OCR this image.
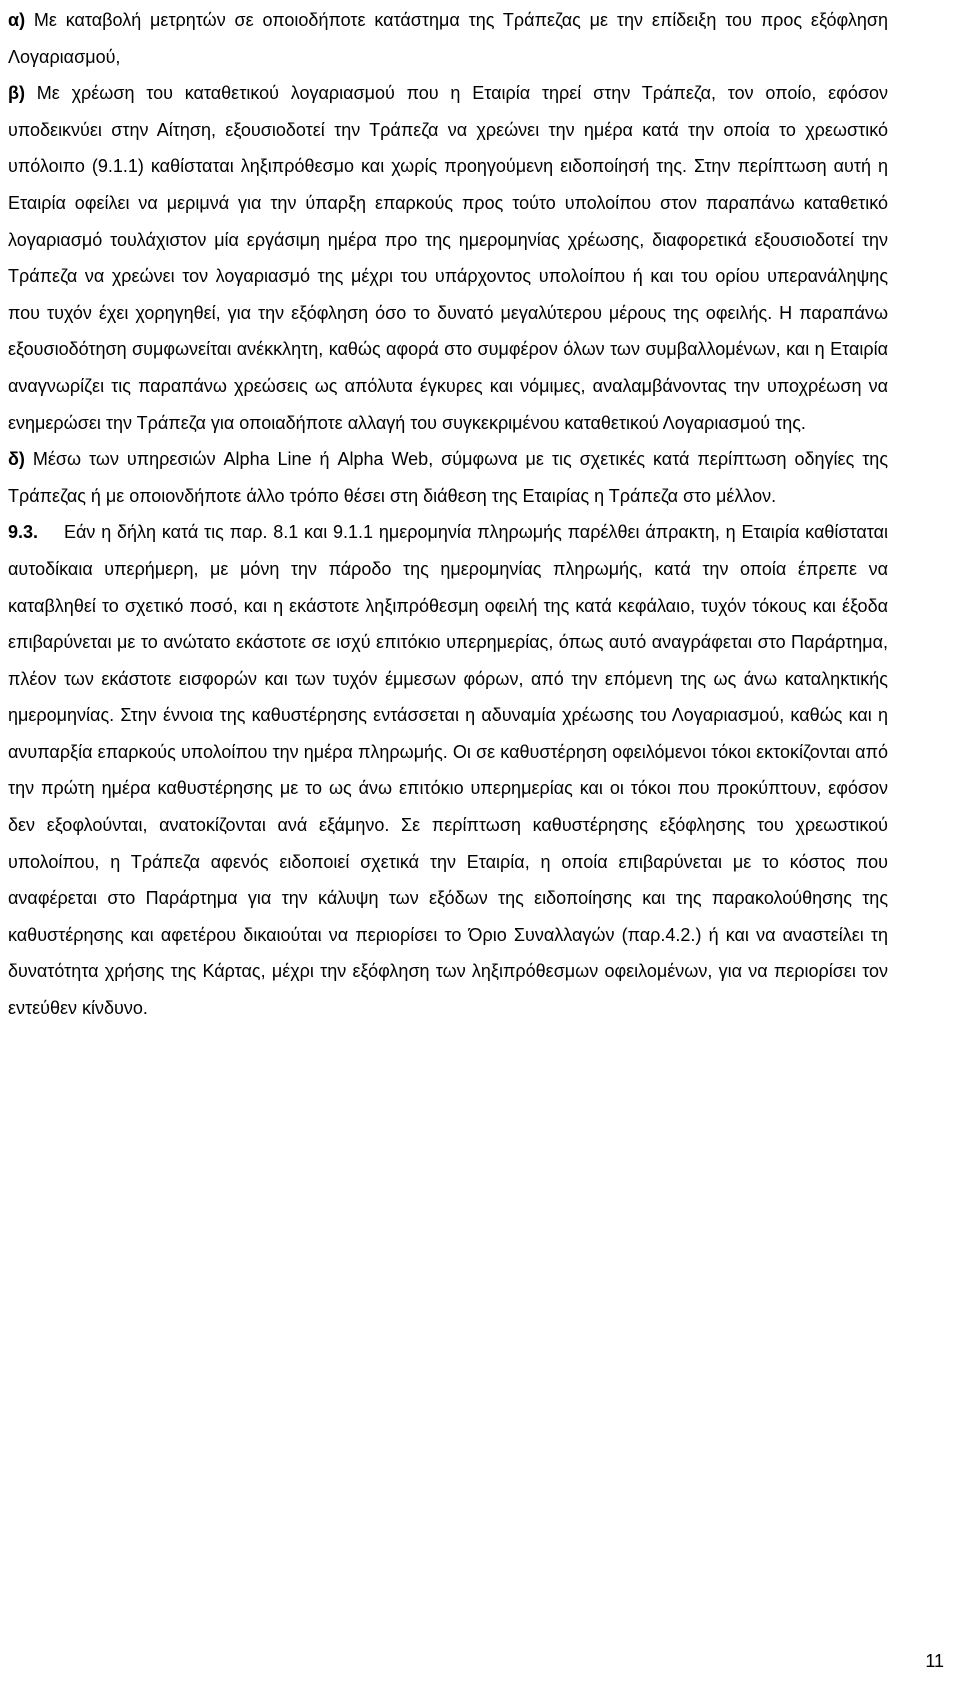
α) Με καταβολή μετρητών σε οποιοδήποτε κατάστημα της Τράπεζας με την επίδειξη του προς εξόφληση Λογαριασμού,

β) Με χρέωση του καταθετικού λογαριασμού που η Εταιρία τηρεί στην Τράπεζα, τον οποίο, εφόσον υποδεικνύει στην Αίτηση, εξουσιοδοτεί την Τράπεζα να χρεώνει την ημέρα κατά την οποία το χρεωστικό υπόλοιπο (9.1.1) καθίσταται ληξιπρόθεσμο και χωρίς προηγούμενη ειδοποίησή της. Στην περίπτωση αυτή η Εταιρία οφείλει να μεριμνά για την ύπαρξη επαρκούς προς τούτο υπολοίπου στον παραπάνω καταθετικό λογαριασμό τουλάχιστον μία εργάσιμη ημέρα προ της ημερομηνίας χρέωσης, διαφορετικά εξουσιοδοτεί την Τράπεζα να χρεώνει τον λογαριασμό της μέχρι του υπάρχοντος υπολοίπου ή και του ορίου υπερανάληψης που τυχόν έχει χορηγηθεί, για την εξόφληση όσο το δυνατό μεγαλύτερου μέρους της οφειλής. Η παραπάνω εξουσιοδότηση συμφωνείται ανέκκλητη, καθώς αφορά στο συμφέρον όλων των συμβαλλομένων, και η Εταιρία αναγνωρίζει τις παραπάνω χρεώσεις ως απόλυτα έγκυρες και νόμιμες, αναλαμβάνοντας την υποχρέωση να ενημερώσει την Τράπεζα για οποιαδήποτε αλλαγή του συγκεκριμένου καταθετικού Λογαριασμού της.

δ) Μέσω των υπηρεσιών Alpha Line ή Alpha Web, σύμφωνα με τις σχετικές κατά περίπτωση οδηγίες της Τράπεζας ή με οποιονδήποτε άλλο τρόπο θέσει στη διάθεση της Εταιρίας η Τράπεζα στο μέλλον.

9.3. Εάν η δήλη κατά τις παρ. 8.1 και 9.1.1 ημερομηνία πληρωμής παρέλθει άπρακτη, η Εταιρία καθίσταται αυτοδίκαια υπερήμερη, με μόνη την πάροδο της ημερομηνίας πληρωμής, κατά την οποία έπρεπε να καταβληθεί το σχετικό ποσό, και η εκάστοτε ληξιπρόθεσμη οφειλή της κατά κεφάλαιο, τυχόν τόκους και έξοδα επιβαρύνεται με το ανώτατο εκάστοτε σε ισχύ επιτόκιο υπερημερίας, όπως αυτό αναγράφεται στο Παράρτημα, πλέον των εκάστοτε εισφορών και των τυχόν έμμεσων φόρων, από την επόμενη της ως άνω καταληκτικής ημερομηνίας. Στην έννοια της καθυστέρησης εντάσσεται η αδυναμία χρέωσης του Λογαριασμού, καθώς και η ανυπαρξία επαρκούς υπολοίπου την ημέρα πληρωμής. Οι σε καθυστέρηση οφειλόμενοι τόκοι εκτοκίζονται από την πρώτη ημέρα καθυστέρησης με το ως άνω επιτόκιο υπερημερίας και οι τόκοι που προκύπτουν, εφόσον δεν εξοφλούνται, ανατοκίζονται ανά εξάμηνο. Σε περίπτωση καθυστέρησης εξόφλησης του χρεωστικού υπολοίπου, η Τράπεζα αφενός ειδοποιεί σχετικά την Εταιρία, η οποία επιβαρύνεται με το κόστος που αναφέρεται στο Παράρτημα για την κάλυψη των εξόδων της ειδοποίησης και της παρακολούθησης της καθυστέρησης και αφετέρου δικαιούται να περιορίσει το Όριο Συναλλαγών (παρ.4.2.) ή και να αναστείλει τη δυνατότητα χρήσης της Κάρτας, μέχρι την εξόφληση των ληξιπρόθεσμων οφειλομένων, για να περιορίσει τον εντεύθεν κίνδυνο.

11
